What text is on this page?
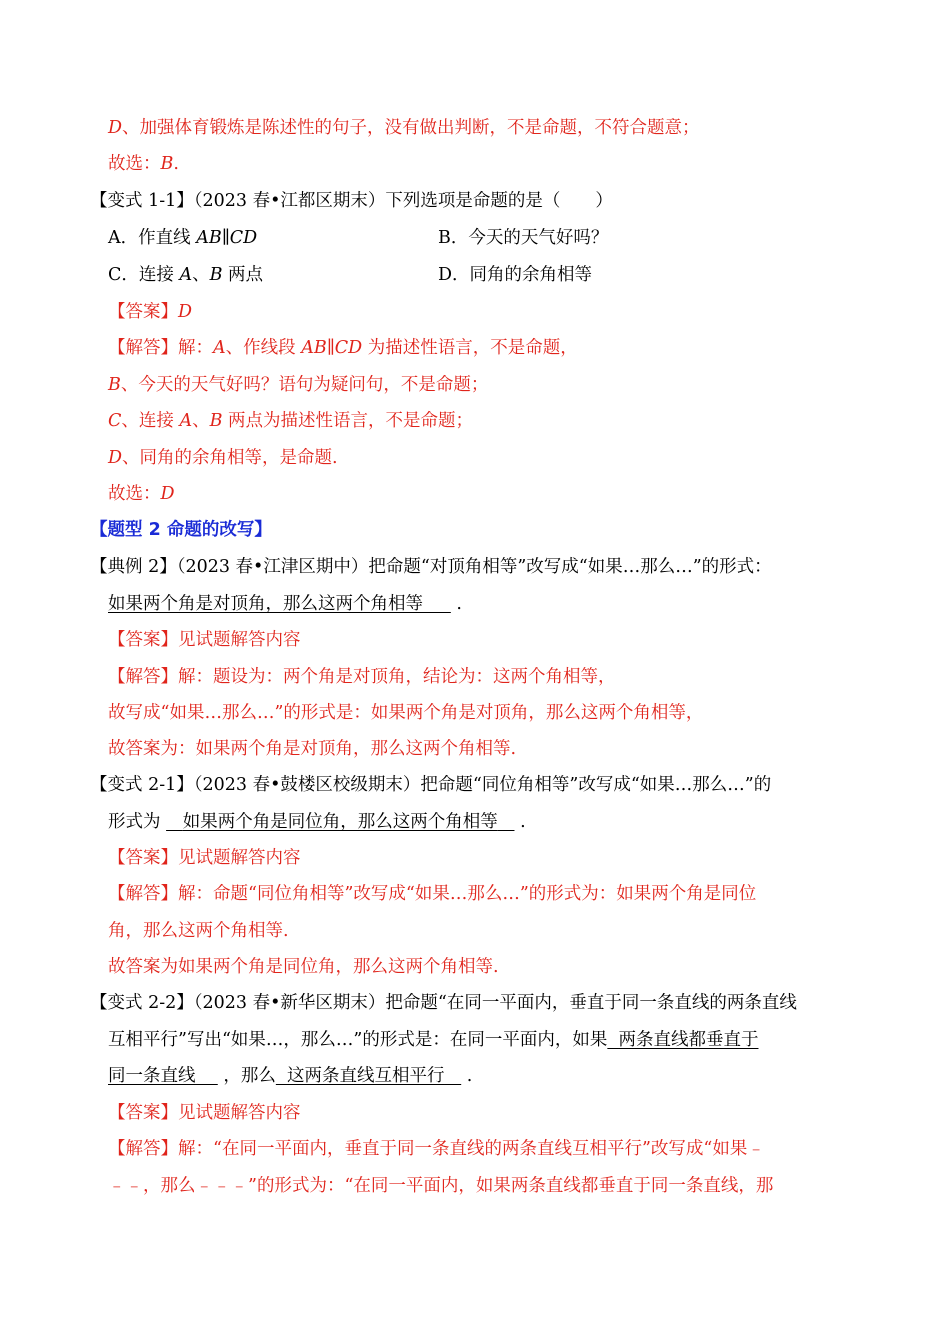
D、加强体育锻炼是陈述性的句子，没有做出判断，不是命题，不符合题意；
故选：B.
【变式 1-1】（2023 春•江都区期末）下列选项是命题的是（　　）
A．作直线 AB∥CD	B．今天的天气好吗？
C．连接 A、B 两点	D．同角的余角相等
【答案】D
【解答】解：A、作线段 AB∥CD 为描述性语言，不是命题，
B、今天的天气好吗？语句为疑问句，不是命题；
C、连接 A、B 两点为描述性语言，不是命题；
D、同角的余角相等，是命题.
故选：D
【题型 2 命题的改写】
【典例 2】（2023 春•江津区期中）把命题“对顶角相等”改写成“如果…那么…”的形式：
如果两个角是对顶角，那么这两个角相等 .
【答案】见试题解答内容
【解答】解：题设为：两个角是对顶角，结论为：这两个角相等，
故写成“如果…那么…”的形式是：如果两个角是对顶角，那么这两个角相等，
故答案为：如果两个角是对顶角，那么这两个角相等.
【变式 2-1】（2023 春•鼓楼区校级期末）把命题“同位角相等”改写成“如果…那么…”的
形式为 如果两个角是同位角，那么这两个角相等 .
【答案】见试题解答内容
【解答】解：命题“同位角相等”改写成“如果…那么…”的形式为：如果两个角是同位
角，那么这两个角相等.
故答案为如果两个角是同位角，那么这两个角相等.
【变式 2-2】（2023 春•新华区期末）把命题“在同一平面内，垂直于同一条直线的两条直线
互相平行”写出“如果…，那么…”的形式是：在同一平面内，如果 两条直线都垂直于
同一条直线 ，那么 这两条直线互相平行 .
【答案】见试题解答内容
【解答】解：“在同一平面内，垂直于同一条直线的两条直线互相平行”改写成“如果﹣
﹣﹣，那么﹣﹣﹣”的形式为：“在同一平面内，如果两条直线都垂直于同一条直线，那
